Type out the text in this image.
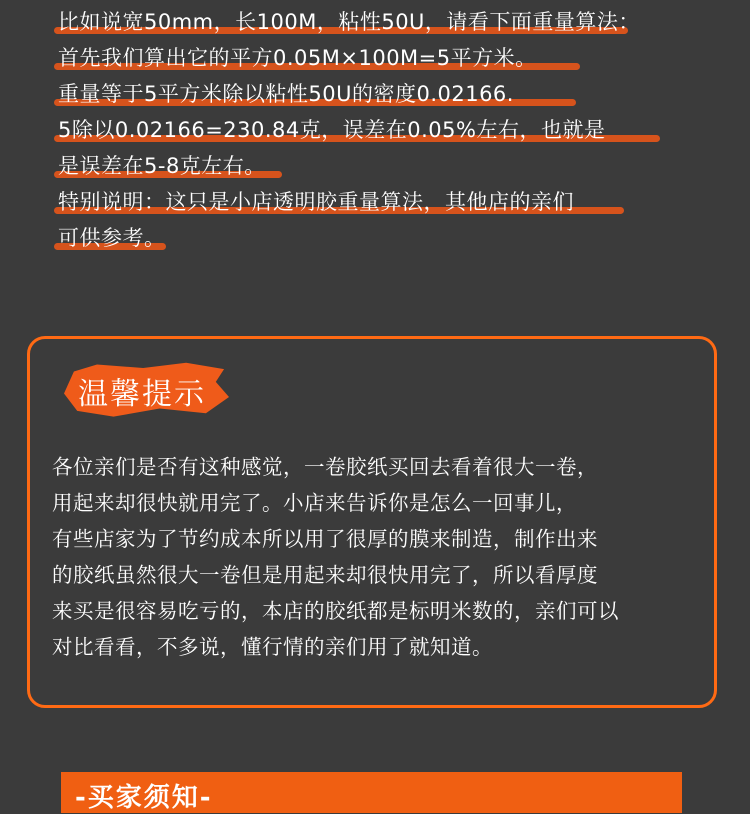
比如说宽50mm，长100M，粘性50U，请看下面重量算法：
首先我们算出它的平方0.05M×100M=5平方米。
重量等于5平方米除以粘性50U的密度0.02166.
5除以0.02166=230.84克，误差在0.05%左右，也就是
是误差在5-8克左右。
特别说明：这只是小店透明胶重量算法，其他店的亲们
可供参考。
温馨提示
各位亲们是否有这种感觉，一卷胶纸买回去看着很大一卷，
用起来却很快就用完了。小店来告诉你是怎么一回事儿，
有些店家为了节约成本所以用了很厚的膜来制造，制作出来
的胶纸虽然很大一卷但是用起来却很快用完了，所以看厚度
来买是很容易吃亏的，本店的胶纸都是标明米数的，亲们可以
对比看看，不多说，懂行情的亲们用了就知道。
-买家须知-
